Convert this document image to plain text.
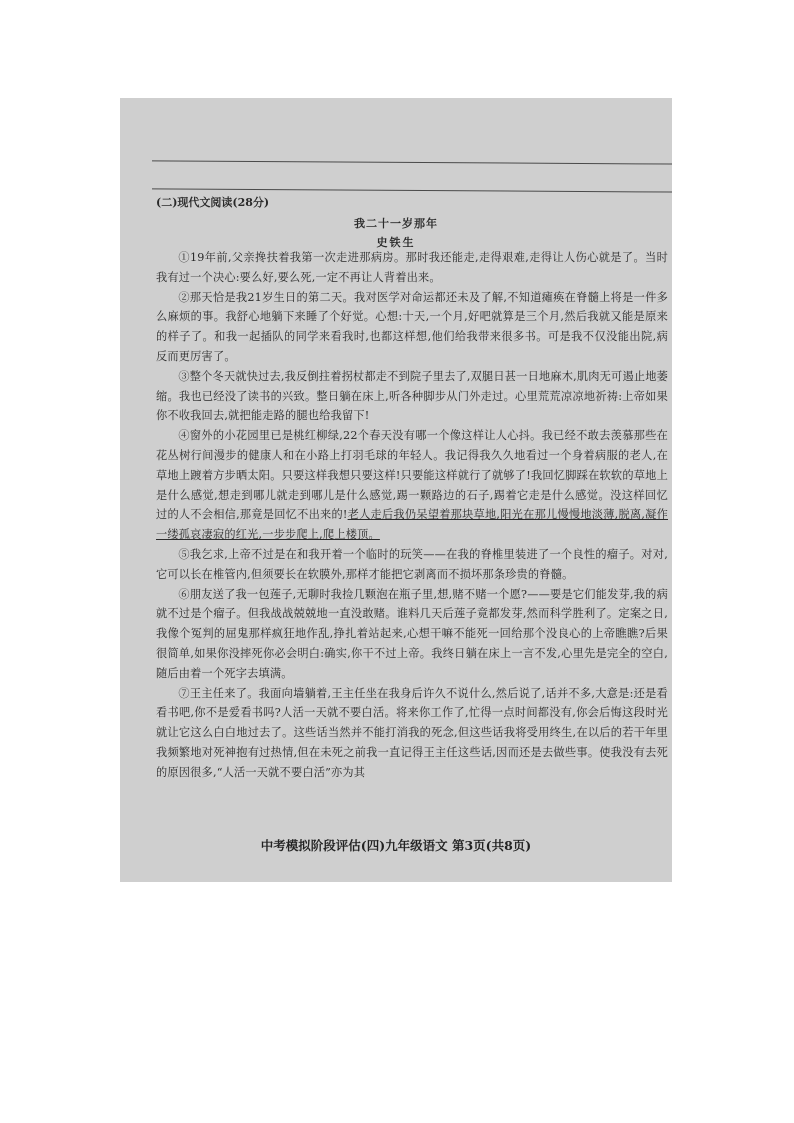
(二)现代文阅读(28分)
我二十一岁那年
史铁生

①19年前,父亲搀扶着我第一次走进那病房。那时我还能走,走得艰难,走得让人伤心就是了。当时我有过一个决心:要么好,要么死,一定不再让人背着出来。

②那天恰是我21岁生日的第二天。我对医学对命运都还未及了解,不知道瘫痪在脊髓上将是一件多么麻烦的事。我舒心地躺下来睡了个好觉。心想:十天,一个月,好吧就算是三个月,然后我就又能是原来的样子了。和我一起插队的同学来看我时,也都这样想,他们给我带来很多书。可是我不仅没能出院,病反而更厉害了。

③整个冬天就快过去,我反倒拄着拐杖都走不到院子里去了,双腿日甚一日地麻木,肌肉无可遏止地萎缩。我也已经没了读书的兴致。整日躺在床上,听各种脚步从门外走过。心里荒荒凉凉地祈祷:上帝如果你不收我回去,就把能走路的腿也给我留下!

④窗外的小花园里已是桃红柳绿,22个春天没有哪一个像这样让人心抖。我已经不敢去羡慕那些在花丛树行间漫步的健康人和在小路上打羽毛球的年轻人。我记得我久久地看过一个身着病服的老人,在草地上踱着方步晒太阳。只要这样我想只要这样!只要能这样就行了就够了!我回忆脚踩在软软的草地上是什么感觉,想走到哪儿就走到哪儿是什么感觉,踢一颗路边的石子,踢着它走是什么感觉。没这样回忆过的人不会相信,那竟是回忆不出来的!老人走后我仍呆望着那块草地,阳光在那儿慢慢地淡薄,脱离,凝作一缕孤哀凄寂的红光,一步步爬上,爬上楼顶。

⑤我乞求,上帝不过是在和我开着一个临时的玩笑——在我的脊椎里装进了一个良性的瘤子。对对,它可以长在椎管内,但须要长在软膜外,那样才能把它剥离而不损坏那条珍贵的脊髓。

⑥朋友送了我一包莲子,无聊时我捡几颗泡在瓶子里,想,赌不赌一个愿?——要是它们能发芽,我的病就不过是个瘤子。但我战战兢兢地一直没敢赌。谁料几天后莲子竟都发芽,然而科学胜利了。定案之日,我像个冤判的屈鬼那样疯狂地作乱,挣扎着站起来,心想干嘛不能死一回给那个没良心的上帝瞧瞧?后果很简单,如果你没摔死你必会明白:确实,你干不过上帝。我终日躺在床上一言不发,心里先是完全的空白,随后由着一个死字去填满。

⑦王主任来了。我面向墙躺着,王主任坐在我身后许久不说什么,然后说了,话并不多,大意是:还是看看书吧,你不是爱看书吗?人活一天就不要白活。将来你工作了,忙得一点时间都没有,你会后悔这段时光就让它这么白白地过去了。这些话当然并不能打消我的死念,但这些话我将受用终生,在以后的若干年里我频繁地对死神抱有过热情,但在未死之前我一直记得王主任这些话,因而还是去做些事。使我没有去死的原因很多,“人活一天就不要白活”亦为其

中考模拟阶段评估(四)九年级语文 第3页(共8页)
